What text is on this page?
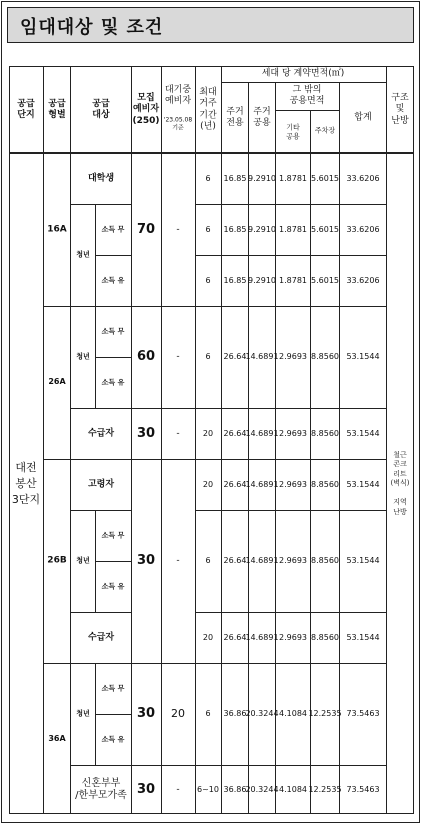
임대대상 및 조건
공급
단지
공급
형별
공급
대상
모집
예비자
(250)
대기중
예비자
'23.05.08
기준
최대
거주
기간
(년)
세대 당 계약면적(㎡)
주거
전용
주거
공용
그 밖의
공용면적
기타
공용
주차장
합계
구조
및
난방
대전
봉산
3단지
철근
콘크
리트
(벽식)

지역
난방
16A
26A
26B
36A
대학생
청년
소득 무
소득 유
청년
소득 무
소득 유
수급자
고령자
청년
소득 무
소득 유
수급자
청년
소득 무
소득 유
신혼부부
/한부모가족
70 -
60 -
30 -
30 -
30 20
30 -
6 16.85 9.2910 1.8781 5.6015 33.6206
6 16.85 9.2910 1.8781 5.6015 33.6206
6 16.85 9.2910 1.8781 5.6015 33.6206
6 26.64 14.6891 2.9693 8.8560 53.1544
20 26.64 14.6891 2.9693 8.8560 53.1544
20 26.64 14.6891 2.9693 8.8560 53.1544
6 26.64 14.6891 2.9693 8.8560 53.1544
20 26.64 14.6891 2.9693 8.8560 53.1544
6 36.86 20.3244 4.1084 12.2535 73.5463
6~10 36.86 20.3244 4.1084 12.2535 73.5463
